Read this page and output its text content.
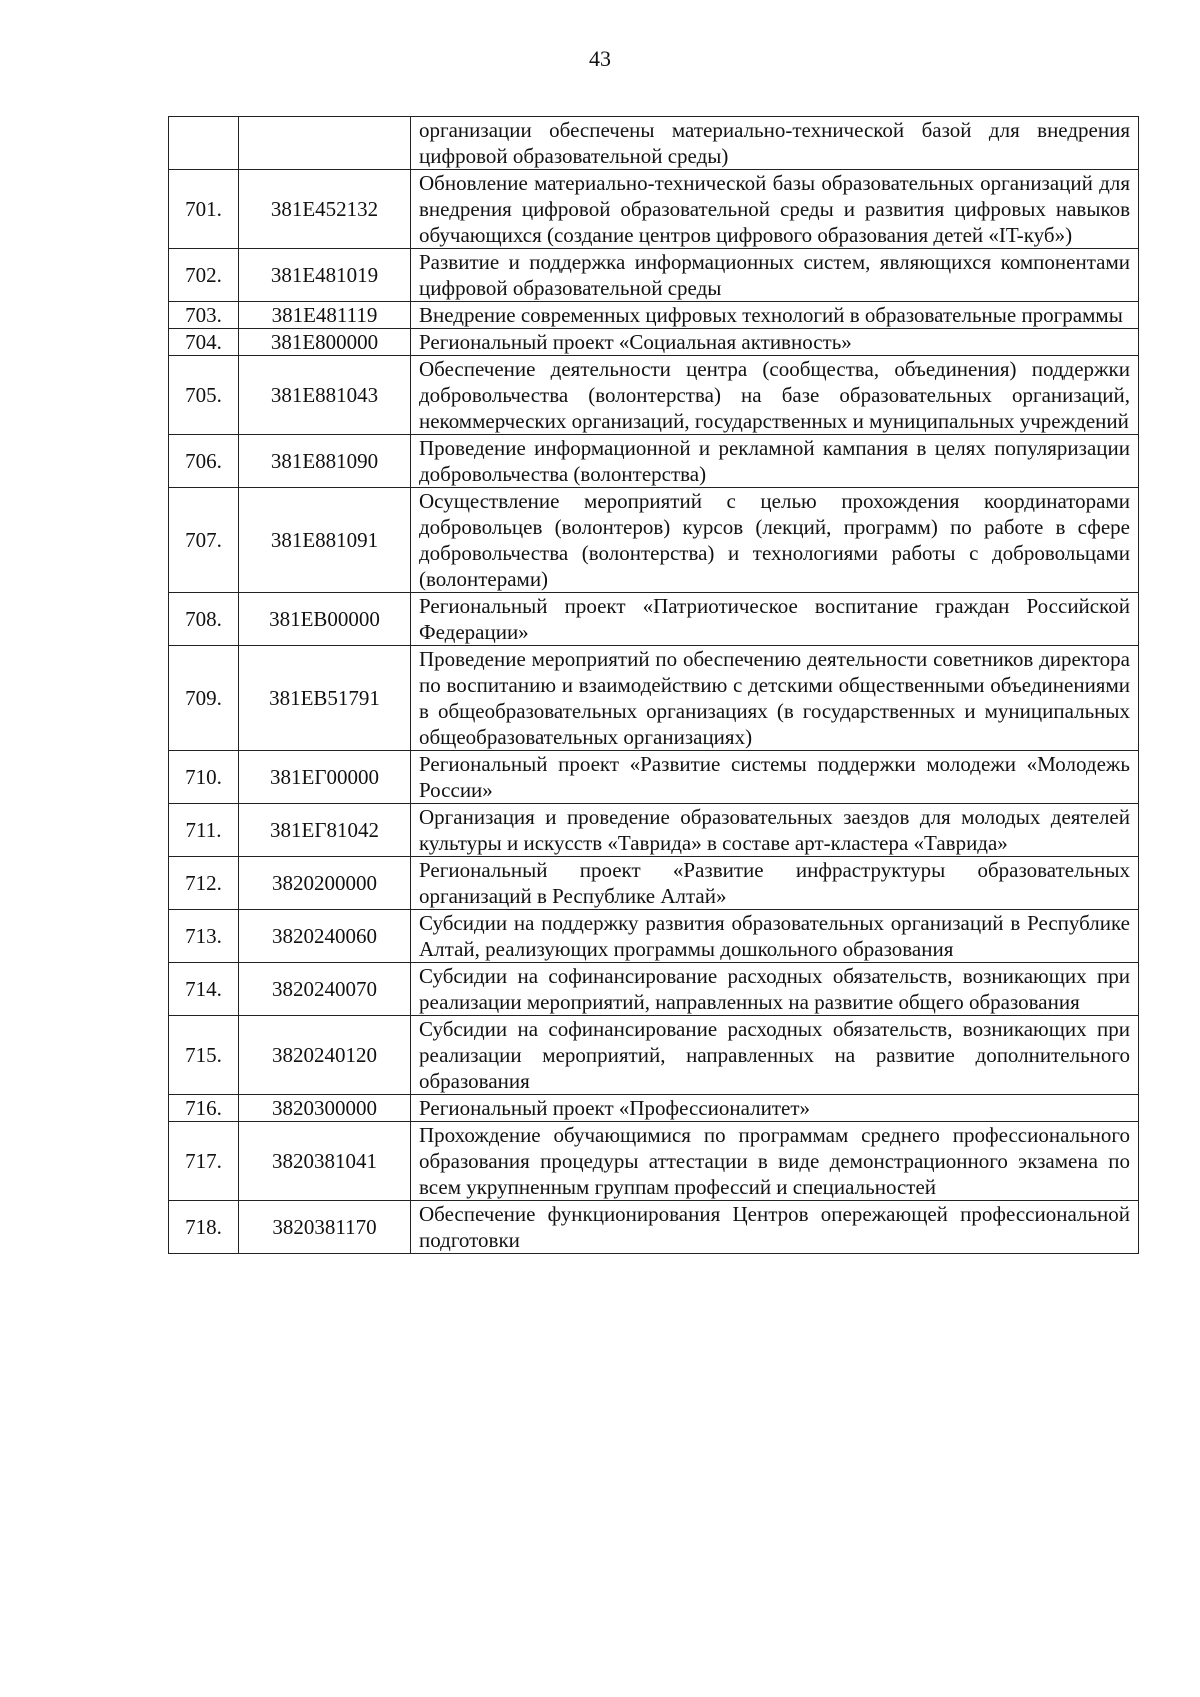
43
		организации обеспечены материально-технической базой для внедрения цифровой образовательной среды)
701.	381E452132	Обновление материально-технической базы образовательных организаций для внедрения цифровой образовательной среды и развития цифровых навыков обучающихся (создание центров цифрового образования детей «IT-куб»)
702.	381E481019	Развитие и поддержка информационных систем, являющихся компонентами цифровой образовательной среды
703.	381E481119	Внедрение современных цифровых технологий в образовательные программы
704.	381E800000	Региональный проект «Социальная активность»
705.	381E881043	Обеспечение деятельности центра (сообщества, объединения) поддержки добровольчества (волонтерства) на базе образовательных организаций, некоммерческих организаций, государственных и муниципальных учреждений
706.	381E881090	Проведение информационной и рекламной кампания в целях популяризации добровольчества (волонтерства)
707.	381E881091	Осуществление мероприятий с целью прохождения координаторами добровольцев (волонтеров) курсов (лекций, программ) по работе в сфере добровольчества (волонтерства) и технологиями работы с добровольцами (волонтерами)
708.	381EB00000	Региональный проект «Патриотическое воспитание граждан Российской Федерации»
709.	381EB51791	Проведение мероприятий по обеспечению деятельности советников директора по воспитанию и взаимодействию с детскими общественными объединениями в общеобразовательных организациях (в государственных и муниципальных общеобразовательных организациях)
710.	381EГ00000	Региональный проект «Развитие системы поддержки молодежи «Молодежь России»
711.	381EГ81042	Организация и проведение образовательных заездов для молодых деятелей культуры и искусств «Таврида» в составе арт-кластера «Таврида»
712.	3820200000	Региональный проект «Развитие инфраструктуры образовательных организаций в Республике Алтай»
713.	3820240060	Субсидии на поддержку развития образовательных организаций в Республике Алтай, реализующих программы дошкольного образования
714.	3820240070	Субсидии на софинансирование расходных обязательств, возникающих при реализации мероприятий, направленных на развитие общего образования
715.	3820240120	Субсидии на софинансирование расходных обязательств, возникающих при реализации мероприятий, направленных на развитие дополнительного образования
716.	3820300000	Региональный проект «Профессионалитет»
717.	3820381041	Прохождение обучающимися по программам среднего профессионального образования процедуры аттестации в виде демонстрационного экзамена по всем укрупненным группам профессий и специальностей
718.	3820381170	Обеспечение функционирования Центров опережающей профессиональной подготовки
